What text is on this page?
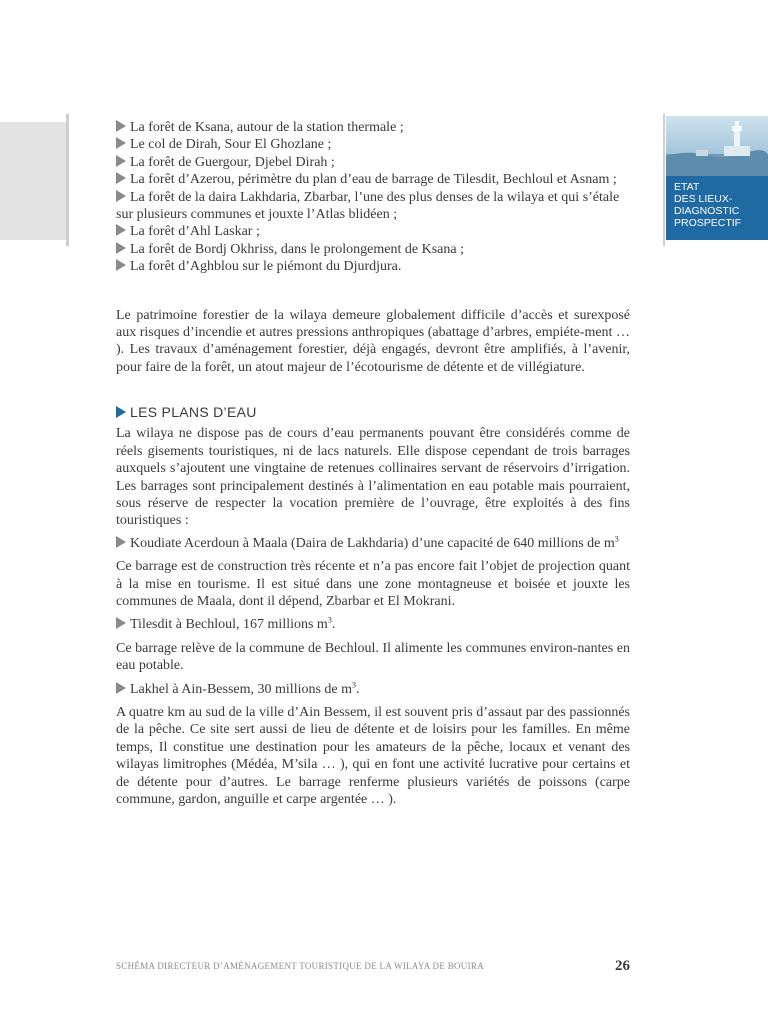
ETAT
DES LIEUX-
DIAGNOSTIC
PROSPECTIF
La forêt de Ksana, autour de la station thermale ;
Le col de Dirah, Sour El Ghozlane ;
La forêt de Guergour, Djebel Dirah ;
La forêt d’Azerou, périmètre du plan d’eau de barrage de Tilesdit, Bechloul et Asnam ;
La forêt de la daira Lakhdaria, Zbarbar, l’une des plus denses de la wilaya et qui s’étale
sur plusieurs communes et jouxte l’Atlas blidéen ;
La forêt d’Ahl Laskar ;
La forêt de Bordj Okhriss, dans le prolongement de Ksana ;
La forêt d’Aghblou sur le piémont du Djurdjura.

Le patrimoine forestier de la wilaya demeure globalement difficile d’accès et surexposé aux risques d’incendie et autres pressions anthropiques (abattage d’arbres, empiéte-ment … ). Les travaux d’aménagement forestier, déjà engagés, devront être amplifiés, à l’avenir, pour faire de la forêt, un atout majeur de l’écotourisme de détente et de villégiature.

LES PLANS D’EAU

La wilaya ne dispose pas de cours d’eau permanents pouvant être considérés comme de réels gisements touristiques, ni de lacs naturels. Elle dispose cependant de trois barrages auxquels s’ajoutent une vingtaine de retenues collinaires servant de réservoirs d’irrigation. Les barrages sont principalement destinés à l’alimentation en eau potable mais pourraient, sous réserve de respecter la vocation première de l’ouvrage, être exploités à des fins touristiques :

Koudiate Acerdoun à Maala (Daira de Lakhdaria) d’une capacité de 640 millions de $m^3$

Ce barrage est de construction très récente et n’a pas encore fait l’objet de projection quant à la mise en tourisme. Il est situé dans une zone montagneuse et boisée et jouxte les communes de Maala, dont il dépend, Zbarbar et El Mokrani.

Tilesdit à Bechloul, 167 millions $m^3$.

Ce barrage relève de la commune de Bechloul. Il alimente les communes environ-nantes en eau potable.

Lakhel à Ain-Bessem, 30 millions de $m^3$.

A quatre km au sud de la ville d’Ain Bessem, il est souvent pris d’assaut par des passionnés de la pêche. Ce site sert aussi de lieu de détente et de loisirs pour les familles. En même temps, Il constitue une destination pour les amateurs de la pêche, locaux et venant des wilayas limitrophes (Médéa, M’sila … ), qui en font une activité lucrative pour certains et de détente pour d’autres. Le barrage renferme plusieurs variétés de poissons (carpe commune, gardon, anguille et carpe argentée … ).

SCHÉMA DIRECTEUR D’AMÉNAGEMENT TOURISTIQUE DE LA WILAYA DE BOUIRA	26
